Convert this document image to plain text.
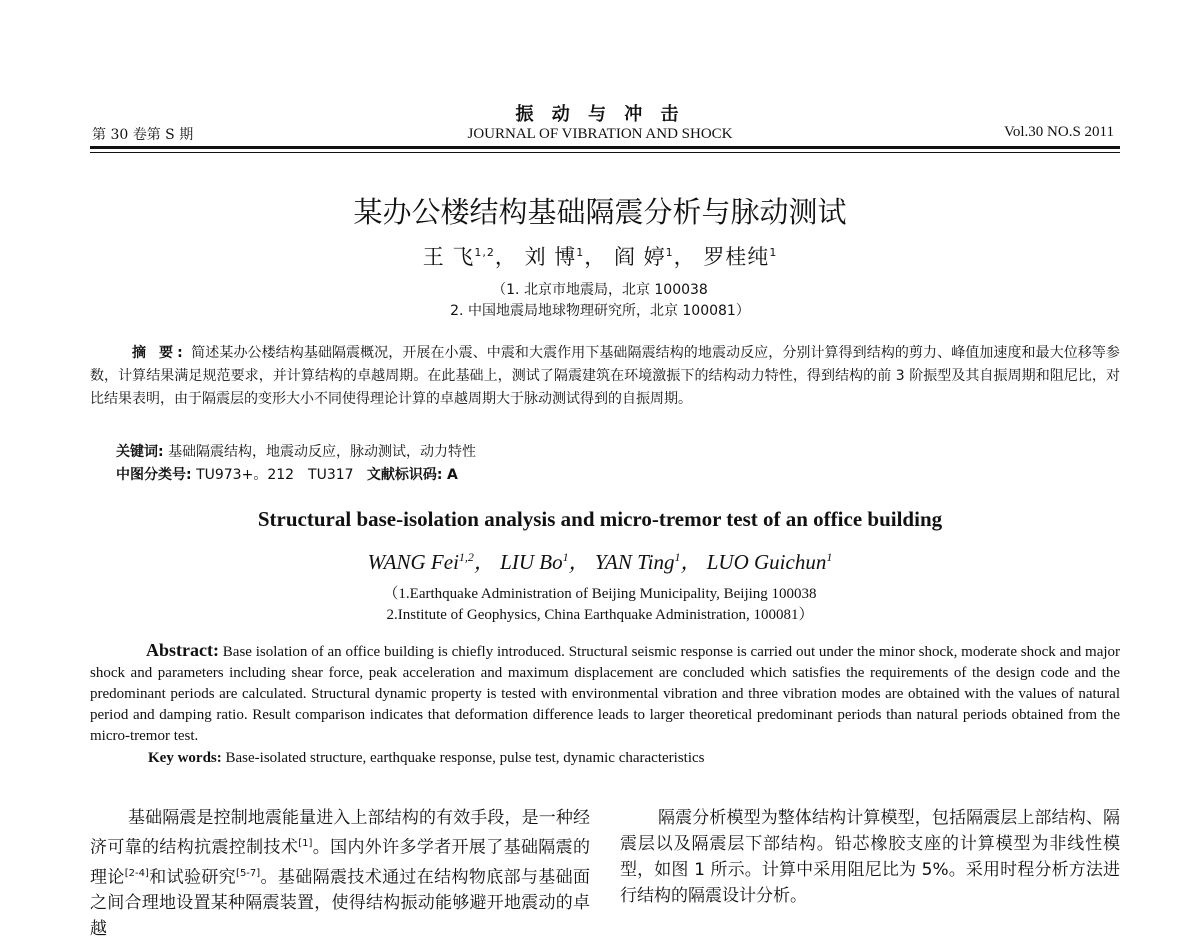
振 动 与 冲 击
第 30 卷第 S 期	JOURNAL OF VIBRATION AND SHOCK	Vol.30 NO.S 2011
某办公楼结构基础隔震分析与脉动测试
王 飞$^{1,2}$， 刘 博$^1$， 阎 婷$^1$， 罗桂纯$^1$
（1. 北京市地震局，北京 100038
2. 中国地震局地球物理研究所，北京 100081）
摘 要: 简述某办公楼结构基础隔震概况，开展在小震、中震和大震作用下基础隔震结构的地震动反应，分别计算得到结构的剪力、峰值加速度和最大位移等参数，计算结果满足规范要求，并计算结构的卓越周期。在此基础上，测试了隔震建筑在环境激振下的结构动力特性，得到结构的前 3 阶振型及其自振周期和阻尼比，对比结果表明，由于隔震层的变形大小不同使得理论计算的卓越周期大于脉动测试得到的自振周期。
关键词: 基础隔震结构，地震动反应，脉动测试，动力特性
中图分类号: TU973+。212　TU317 文献标识码: A
Structural base-isolation analysis and micro-tremor test of an office building
WANG Fei$^{1,2}$， LIU Bo$^1$， YAN Ting$^1$， LUO Guichun$^1$
（1.Earthquake Administration of Beijing Municipality, Beijing 100038
2.Institute of Geophysics, China Earthquake Administration, 100081）
Abstract: Base isolation of an office building is chiefly introduced. Structural seismic response is carried out under the minor shock, moderate shock and major shock and parameters including shear force, peak acceleration and maximum displacement are concluded which satisfies the requirements of the design code and the predominant periods are calculated. Structural dynamic property is tested with environmental vibration and three vibration modes are obtained with the values of natural period and damping ratio. Result comparison indicates that deformation difference leads to larger theoretical predominant periods than natural periods obtained from the micro-tremor test.
Key words: Base-isolated structure, earthquake response, pulse test, dynamic characteristics
基础隔震是控制地震能量进入上部结构的有效手段，是一种经济可靠的结构抗震控制技术[1]。国内外许多学者开展了基础隔震的理论[2-4]和试验研究[5-7]。基础隔震技术通过在结构物底部与基础面之间合理地设置某种隔震装置，使得结构振动能够避开地震动的卓越
隔震分析模型为整体结构计算模型，包括隔震层上部结构、隔震层以及隔震层下部结构。铅芯橡胶支座的计算模型为非线性模型，如图 1 所示。计算中采用阻尼比为 5%。采用时程分析方法进行结构的隔震设计分析。
